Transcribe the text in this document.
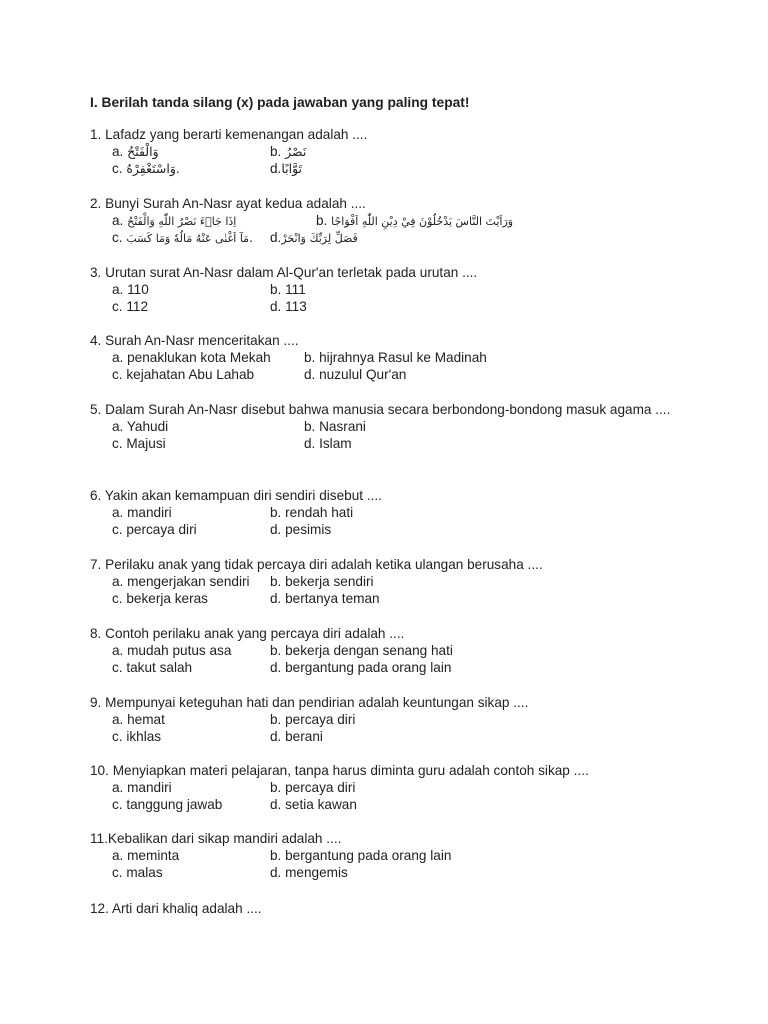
I. Berilah tanda silang (x) pada jawaban yang paling tepat!
1. Lafadz yang berarti kemenangan adalah ....
a. وَالْفَتْحُ	b. نَصْرُ
c. وَاسْتَغْفِرْهُ.	d.تَوَّابًا
2. Bunyi Surah An-Nasr ayat kedua adalah ....
a. اِذَا جَاۤءَ نَصْرُ اللّٰهِ وَالْفَتْحُ	b. وَرَاَيْتَ النَّاسَ يَدْخُلُوْنَ فِيْ دِيْنِ اللّٰهِ اَفْوَاجًا
c. مَآ اَغْنٰى عَنْهُ مَالُهٗ وَمَا كَسَبَ. d.فَصَلِّ لِرَبِّكَ وَانْحَرْ
3. Urutan surat An-Nasr dalam Al-Qur'an terletak pada urutan ....
a. 110	b. 111
c. 112	d. 113
4. Surah An-Nasr menceritakan ....
a. penaklukan kota Mekah b. hijrahnya Rasul ke Madinah
c. kejahatan Abu Lahab	d. nuzulul Qur'an
5. Dalam Surah An-Nasr disebut bahwa manusia secara berbondong-bondong masuk agama ....
a. Yahudi	b. Nasrani
c. Majusi	d. Islam
6. Yakin akan kemampuan diri sendiri disebut ....
a. mandiri	b. rendah hati
c. percaya diri	d. pesimis
7. Perilaku anak yang tidak percaya diri adalah ketika ulangan berusaha ....
a. mengerjakan sendiri b. bekerja sendiri
c. bekerja keras	d. bertanya teman
8. Contoh perilaku anak yang percaya diri adalah ....
a. mudah putus asa	b. bekerja dengan senang hati
c. takut salah	d. bergantung pada orang lain
9. Mempunyai keteguhan hati dan pendirian adalah keuntungan sikap ....
a. hemat	b. percaya diri
c. ikhlas	d. berani
10. Menyiapkan materi pelajaran, tanpa harus diminta guru adalah contoh sikap ....
a. mandiri	b. percaya diri
c. tanggung jawab	d. setia kawan
11.Kebalikan dari sikap mandiri adalah ....
a. meminta	b. bergantung pada orang lain
c. malas	d. mengemis
12. Arti dari khaliq adalah ....
